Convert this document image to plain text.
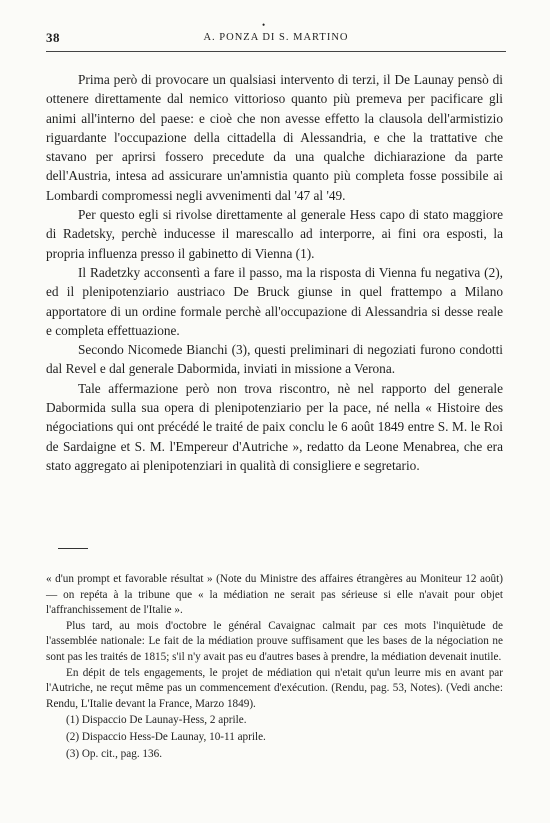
38
•
A. PONZA DI S. MARTINO

Prima però di provocare un qualsiasi intervento di terzi, il De Launay pensò di ottenere direttamente dal nemico vittorioso quanto più premeva per pacificare gli animi all'interno del paese: e cioè che non avesse effetto la clausola dell'armistizio riguardante l'occupazione della cittadella di Alessandria, e che la trattative che stavano per aprirsi fossero precedute da una qualche dichiarazione da parte dell'Austria, intesa ad assicurare un'amnistia quanto più completa fosse possibile ai Lombardi compromessi negli avvenimenti dal '47 al '49.

Per questo egli si rivolse direttamente al generale Hess capo di stato maggiore di Radetsky, perchè inducesse il marescallo ad interporre, ai fini ora esposti, la propria influenza presso il gabinetto di Vienna (1).

Il Radetzky acconsentì a fare il passo, ma la risposta di Vienna fu negativa (2), ed il plenipotenziario austriaco De Bruck giunse in quel frattempo a Milano apportatore di un ordine formale perchè all'occupazione di Alessandria si desse reale e completa effettuazione.

Secondo Nicomede Bianchi (3), questi preliminari di negoziati furono condotti dal Revel e dal generale Dabormida, inviati in missione a Verona.

Tale affermazione però non trova riscontro, nè nel rapporto del generale Dabormida sulla sua opera di plenipotenziario per la pace, né nella « Histoire des négociations qui ont précédé le traité de paix conclu le 6 août 1849 entre S. M. le Roi de Sardaigne et S. M. l'Empereur d'Autriche », redatto da Leone Menabrea, che era stato aggregato ai plenipotenziari in qualità di consigliere e segretario.

« d'un prompt et favorable résultat » (Note du Ministre des affaires étrangères au Moniteur 12 août) — on repéta à la tribune que « la médiation ne serait pas sérieuse si elle n'avait pour objet l'affranchissement de l'Italie ».

Plus tard, au mois d'octobre le général Cavaignac calmait par ces mots l'inquiètude de l'assemblée nationale: Le fait de la médiation prouve suffisament que les bases de la négociation ne sont pas les traités de 1815; s'il n'y avait pas eu d'autres bases à prendre, la médiation devenait inutile.

En dépit de tels engagements, le projet de médiation qui n'etait qu'un leurre mis en avant par l'Autriche, ne reçut même pas un commencement d'exécution. (Rendu, pag. 53, Notes). (Vedi anche: Rendu, L'Italie devant la France, Marzo 1849).

(1) Dispaccio De Launay-Hess, 2 aprile.

(2) Dispaccio Hess-De Launay, 10-11 aprile.

(3) Op. cit., pag. 136.
